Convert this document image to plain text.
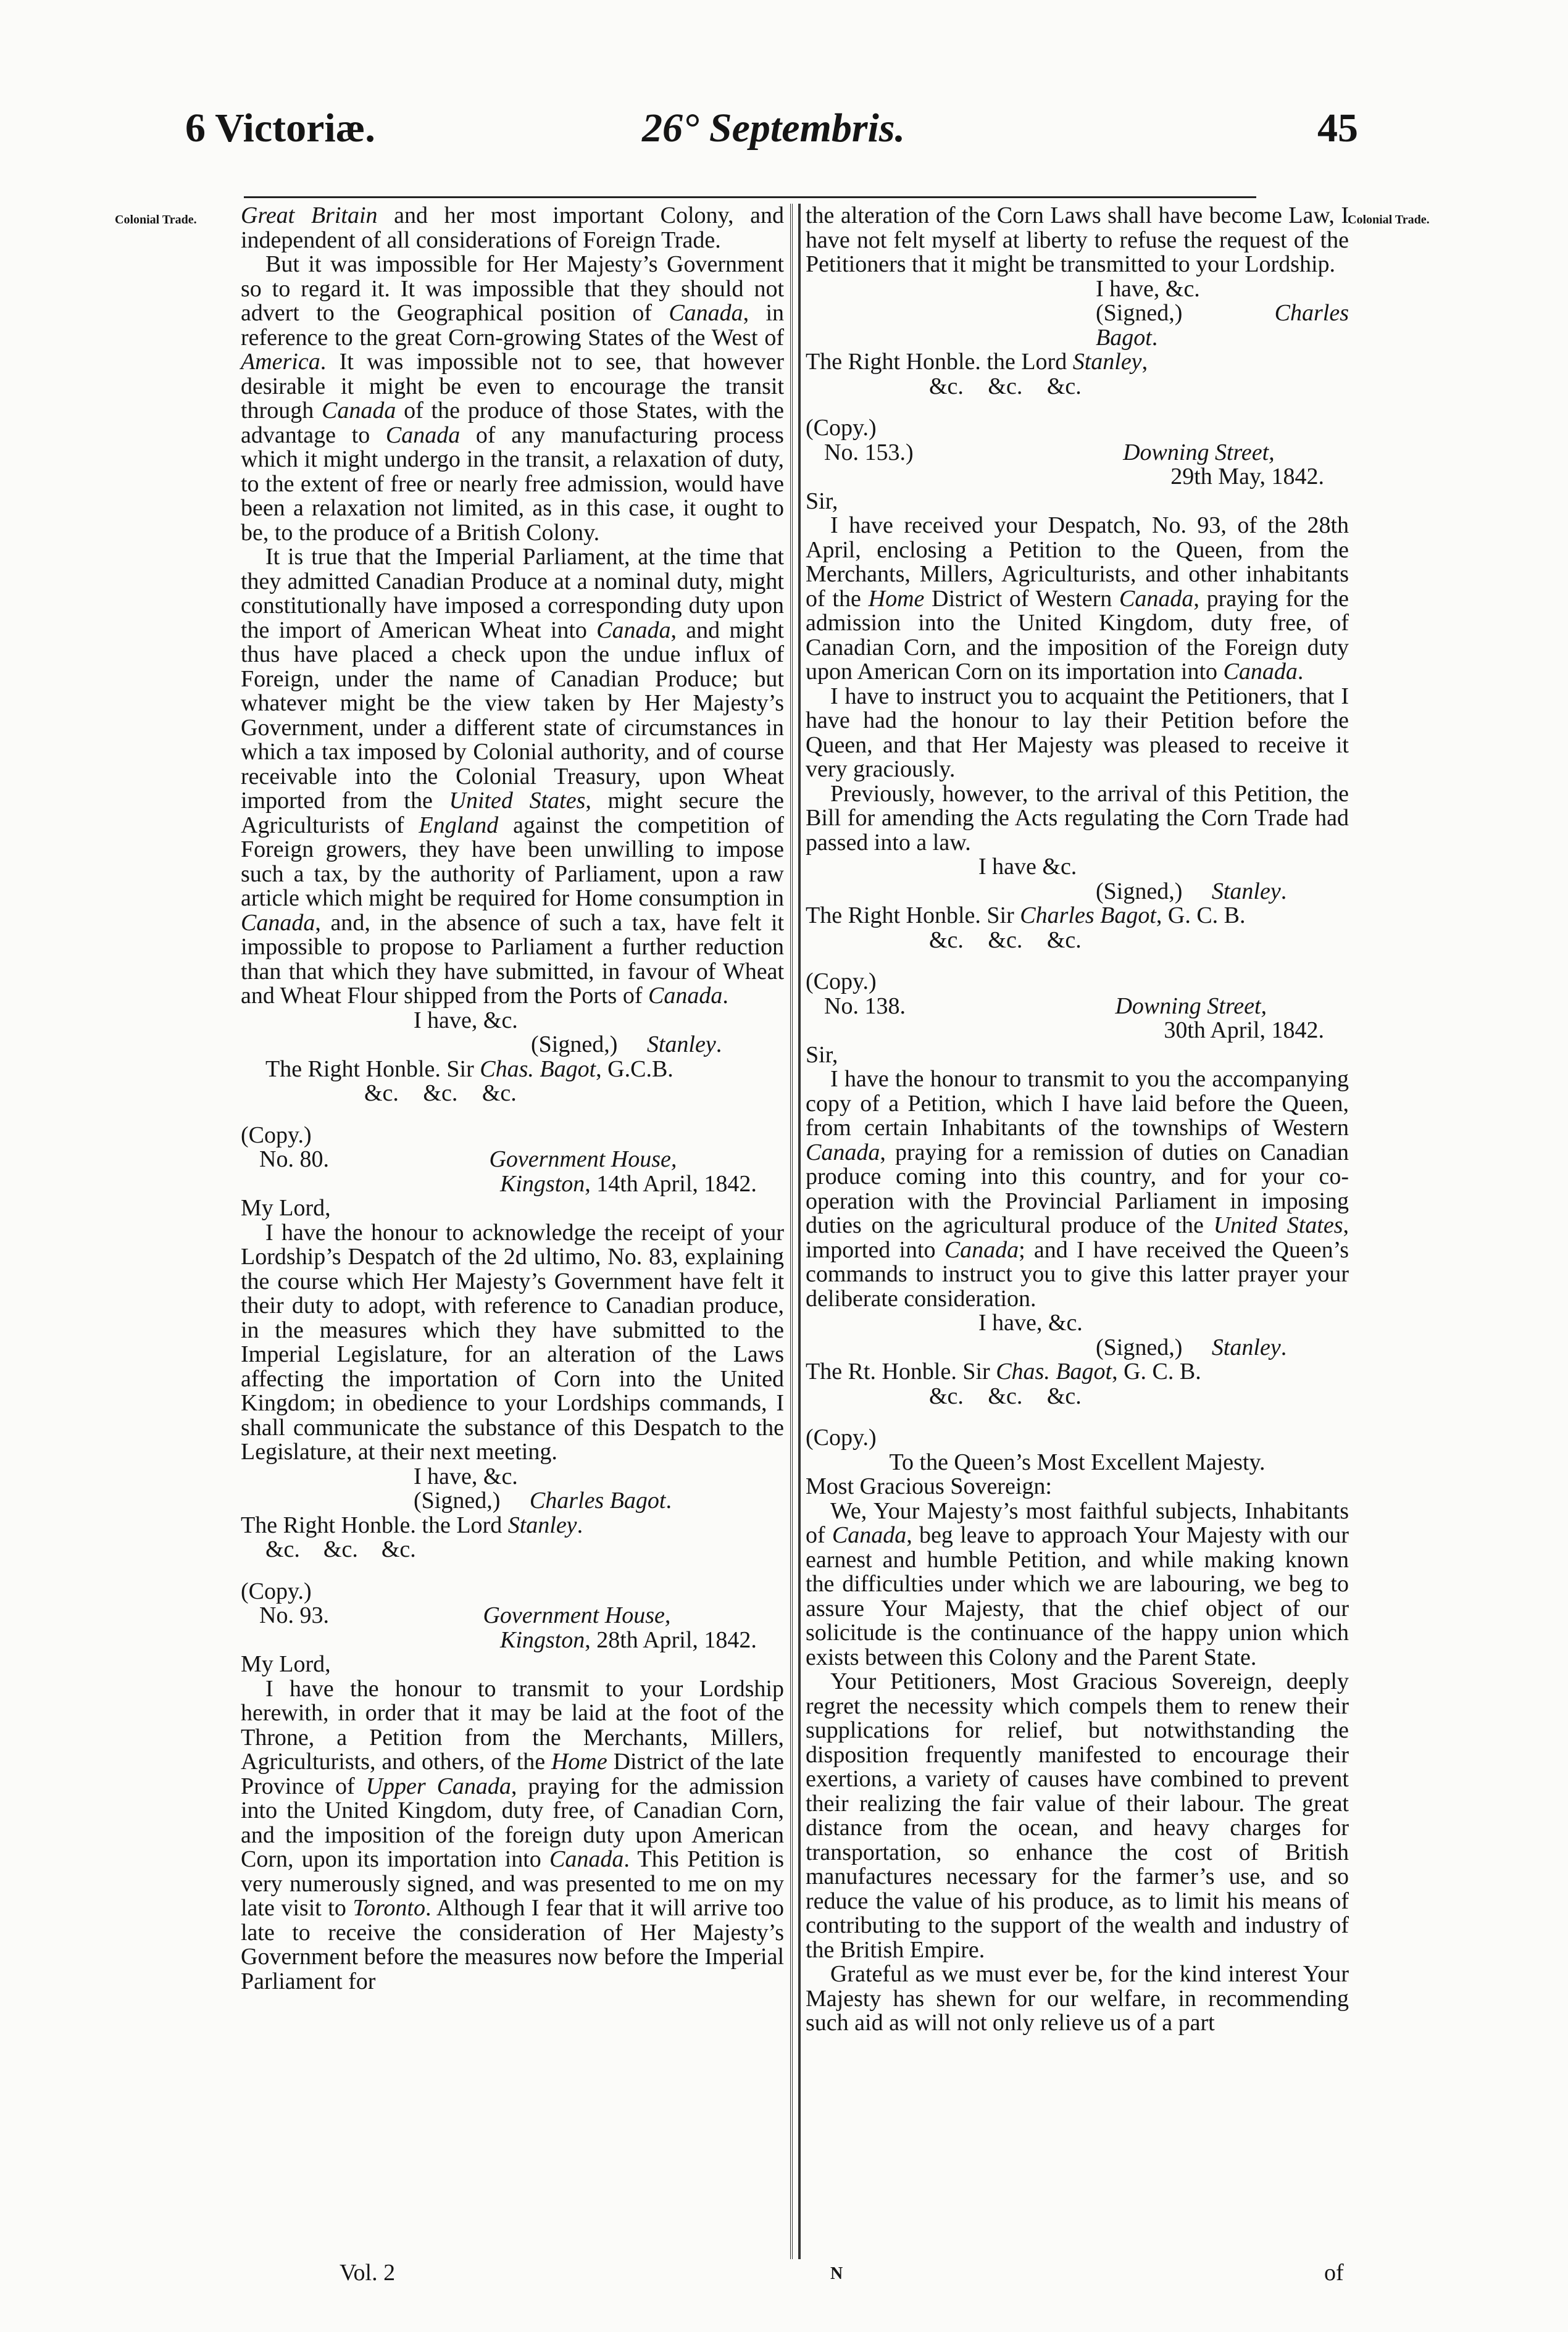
6 Victoriæ.	26° Septembris.	45
Colonial Trade.	Colonial Trade.

Great Britain and her most important Colony, and independent of all considerations of Foreign Trade.

But it was impossible for Her Majesty’s Government so to regard it. It was impossible that they should not advert to the Geographical position of Canada, in reference to the great Corn-growing States of the West of America. It was impossible not to see, that however desirable it might be even to encourage the transit through Canada of the produce of those States, with the advantage to Canada of any manufacturing process which it might undergo in the transit, a relaxation of duty, to the extent of free or nearly free admission, would have been a relaxation not limited, as in this case, it ought to be, to the produce of a British Colony.

It is true that the Imperial Parliament, at the time that they admitted Canadian Produce at a nominal duty, might constitutionally have imposed a corresponding duty upon the import of American Wheat into Canada, and might thus have placed a check upon the undue influx of Foreign, under the name of Canadian Produce; but whatever might be the view taken by Her Majesty’s Government, under a different state of circumstances in which a tax imposed by Colonial authority, and of course receivable into the Colonial Treasury, upon Wheat imported from the United States, might secure the Agriculturists of England against the competition of Foreign growers, they have been unwilling to impose such a tax, by the authority of Parliament, upon a raw article which might be required for Home consumption in Canada, and, in the absence of such a tax, have felt it impossible to propose to Parliament a further reduction than that which they have submitted, in favour of Wheat and Wheat Flour shipped from the Ports of Canada.

I have, &c.

(Signed,)     Stanley.

The Right Honble. Sir Chas. Bagot, G.C.B.

&c. &c. &c.

(Copy.)

No. 80.	Government House,

Kingston, 14th April, 1842.

My Lord,

I have the honour to acknowledge the receipt of your Lordship’s Despatch of the 2d ultimo, No. 83, explaining the course which Her Majesty’s Government have felt it their duty to adopt, with reference to Canadian produce, in the measures which they have submitted to the Imperial Legislature, for an alteration of the Laws affecting the importation of Corn into the United Kingdom; in obedience to your Lordships commands, I shall communicate the substance of this Despatch to the Legislature, at their next meeting.

I have, &c.

(Signed,)     Charles Bagot.

The Right Honble. the Lord Stanley.

&c.    &c.    &c.

(Copy.)

No. 93.	Government House,

Kingston, 28th April, 1842.

My Lord,

I have the honour to transmit to your Lordship herewith, in order that it may be laid at the foot of the Throne, a Petition from the Merchants, Millers, Agriculturists, and others, of the Home District of the late Province of Upper Canada, praying for the admission into the United Kingdom, duty free, of Canadian Corn, and the imposition of the foreign duty upon American Corn, upon its importation into Canada. This Petition is very numerously signed, and was presented to me on my late visit to Toronto. Although I fear that it will arrive too late to receive the consideration of Her Majesty’s Government before the measures now before the Imperial Parliament for

the alteration of the Corn Laws shall have become Law, I have not felt myself at liberty to refuse the request of the Petitioners that it might be transmitted to your Lordship.

I have, &c.

(Signed,)     Charles Bagot.

The Right Honble. the Lord Stanley,

&c. &c. &c.

(Copy.)

No. 153.)	Downing Street,

29th May, 1842.

Sir,

I have received your Despatch, No. 93, of the 28th April, enclosing a Petition to the Queen, from the Merchants, Millers, Agriculturists, and other inhabitants of the Home District of Western Canada, praying for the admission into the United Kingdom, duty free, of Canadian Corn, and the imposition of the Foreign duty upon American Corn on its importation into Canada.

I have to instruct you to acquaint the Petitioners, that I have had the honour to lay their Petition before the Queen, and that Her Majesty was pleased to receive it very graciously.

Previously, however, to the arrival of this Petition, the Bill for amending the Acts regulating the Corn Trade had passed into a law.

I have &c.

(Signed,)     Stanley.

The Right Honble. Sir Charles Bagot, G. C. B.

&c. &c. &c.

(Copy.)

No. 138.	Downing Street,

30th April, 1842.

Sir,

I have the honour to transmit to you the accompanying copy of a Petition, which I have laid before the Queen, from certain Inhabitants of the townships of Western Canada, praying for a remission of duties on Canadian produce coming into this country, and for your co-operation with the Provincial Parliament in imposing duties on the agricultural produce of the United States, imported into Canada; and I have received the Queen’s commands to instruct you to give this latter prayer your deliberate consideration.

I have, &c.

(Signed,)     Stanley.

The Rt. Honble. Sir Chas. Bagot, G. C. B.

&c. &c. &c.

(Copy.)

To the Queen’s Most Excellent Majesty.

Most Gracious Sovereign:

We, Your Majesty’s most faithful subjects, Inhabitants of Canada, beg leave to approach Your Majesty with our earnest and humble Petition, and while making known the difficulties under which we are labouring, we beg to assure Your Majesty, that the chief object of our solicitude is the continuance of the happy union which exists between this Colony and the Parent State.

Your Petitioners, Most Gracious Sovereign, deeply regret the necessity which compels them to renew their supplications for relief, but notwithstanding the disposition frequently manifested to encourage their exertions, a variety of causes have combined to prevent their realizing the fair value of their labour. The great distance from the ocean, and heavy charges for transportation, so enhance the cost of British manufactures necessary for the farmer’s use, and so reduce the value of his produce, as to limit his means of contributing to the support of the wealth and industry of the British Empire.

Grateful as we must ever be, for the kind interest Your Majesty has shewn for our welfare, in recommending such aid as will not only relieve us of a part

Vol. 2	N	of
